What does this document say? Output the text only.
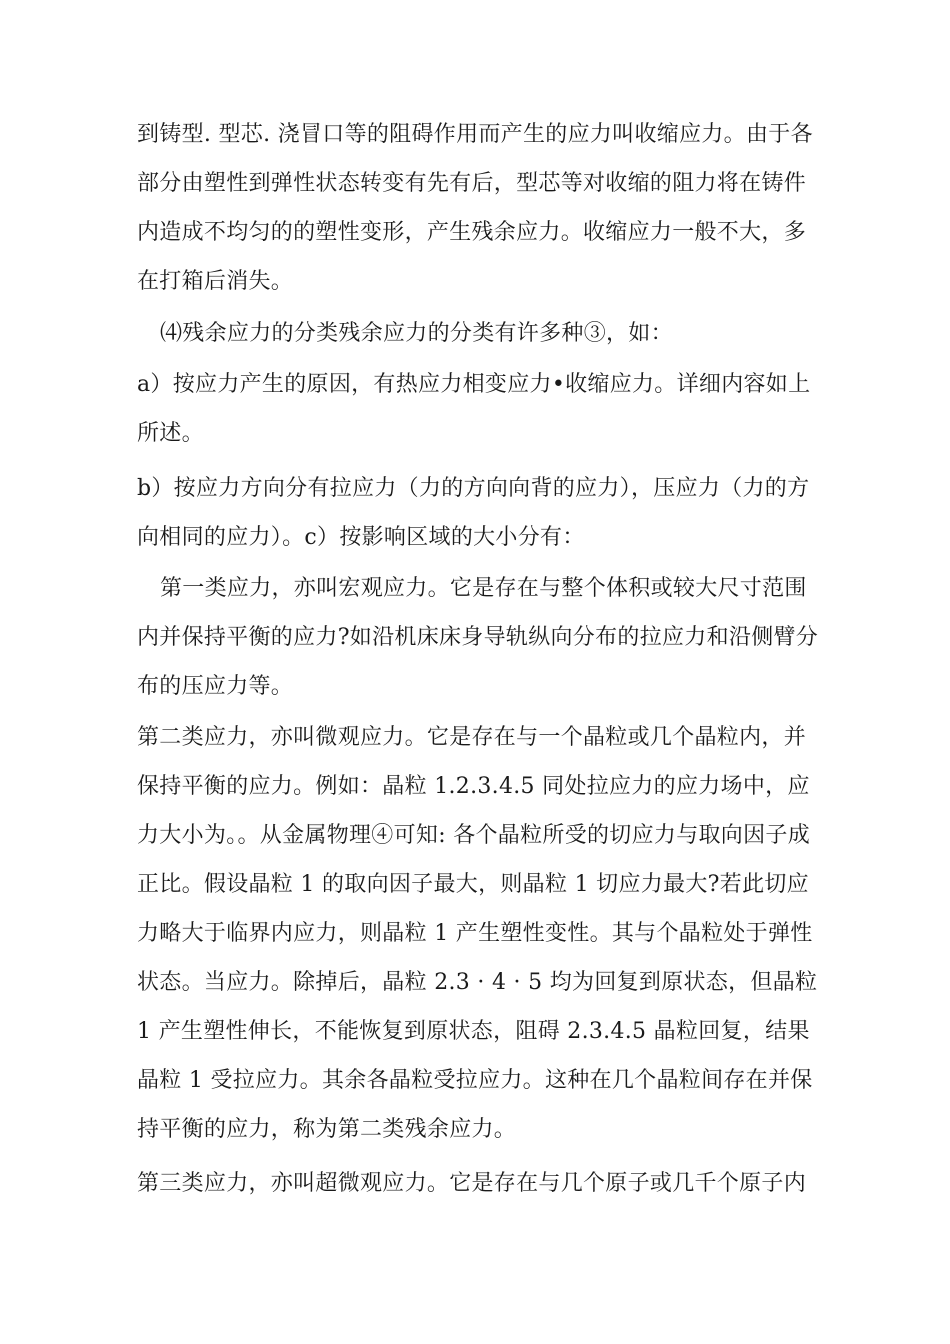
到铸型. 型芯. 浇冒口等的阻碍作用而产生的应力叫收缩应力。由于各部分由塑性到弹性状态转变有先有后，型芯等对收缩的阻力将在铸件内造成不均匀的的塑性变形，产生残余应力。收缩应力一般不大，多在打箱后消失。

⑷残余应力的分类残余应力的分类有许多种③，如：

a）按应力产生的原因，有热应力相变应力•收缩应力。详细内容如上所述。

b）按应力方向分有拉应力（力的方向向背的应力），压应力（力的方向相同的应力）。c）按影响区域的大小分有：

第一类应力，亦叫宏观应力。它是存在与整个体积或较大尺寸范围内并保持平衡的应力?如沿机床床身导轨纵向分布的拉应力和沿侧臂分布的压应力等。

第二类应力，亦叫微观应力。它是存在与一个晶粒或几个晶粒内，并保持平衡的应力。例如：晶粒 1.2.3.4.5 同处拉应力的应力场中，应力大小为。。从金属物理④可知: 各个晶粒所受的切应力与取向因子成正比。假设晶粒 1 的取向因子最大，则晶粒 1 切应力最大?若此切应力略大于临界内应力，则晶粒 1 产生塑性变性。其与个晶粒处于弹性状态。当应力。除掉后，晶粒 2.3 · 4 · 5 均为回复到原状态，但晶粒 1 产生塑性伸长，不能恢复到原状态，阻碍 2.3.4.5 晶粒回复，结果晶粒 1 受拉应力。其余各晶粒受拉应力。这种在几个晶粒间存在并保持平衡的应力，称为第二类残余应力。

第三类应力，亦叫超微观应力。它是存在与几个原子或几千个原子内
